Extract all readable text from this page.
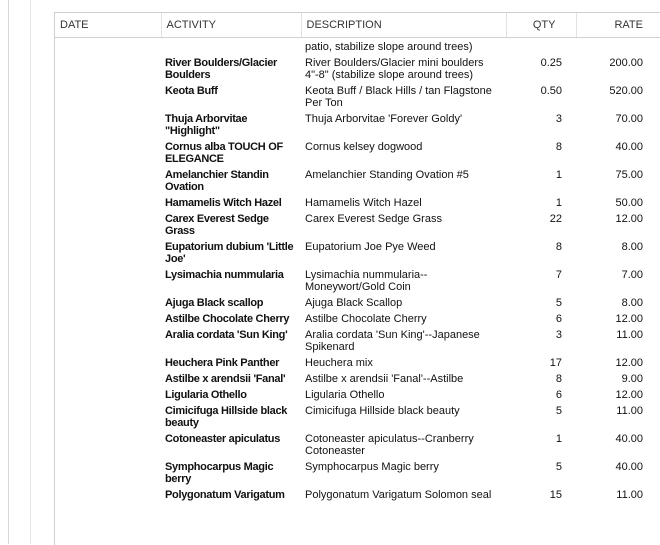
DATE	ACTIVITY	DESCRIPTION	QTY	RATE
		patio, stabilize slope around trees)		
	River Boulders/Glacier Boulders	River Boulders/Glacier mini boulders 4"-8" (stabilize slope around trees)	0.25	200.00
	Keota Buff	Keota Buff / Black Hills / tan Flagstone Per Ton	0.50	520.00
	Thuja Arborvitae "Highlight"	Thuja Arborvitae 'Forever Goldy'	3	70.00
	Cornus alba TOUCH OF ELEGANCE	Cornus kelsey dogwood	8	40.00
	Amelanchier Standin Ovation	Amelanchier Standing Ovation #5	1	75.00
	Hamamelis Witch Hazel	Hamamelis Witch Hazel	1	50.00
	Carex Everest Sedge Grass	Carex Everest Sedge Grass	22	12.00
	Eupatorium dubium 'Little Joe'	Eupatorium Joe Pye Weed	8	8.00
	Lysimachia nummularia	Lysimachia nummularia--Moneywort/Gold Coin	7	7.00
	Ajuga Black scallop	Ajuga Black Scallop	5	8.00
	Astilbe Chocolate Cherry	Astilbe Chocolate Cherry	6	12.00
	Aralia cordata 'Sun King'	Aralia cordata 'Sun King'--Japanese Spikenard	3	11.00
	Heuchera Pink Panther	Heuchera mix	17	12.00
	Astilbe x arendsii 'Fanal'	Astilbe x arendsii 'Fanal'--Astilbe	8	9.00
	Ligularia Othello	Ligularia Othello	6	12.00
	Cimicifuga Hillside black beauty	Cimicifuga Hillside black beauty	5	11.00
	Cotoneaster apiculatus	Cotoneaster apiculatus--Cranberry Cotoneaster	1	40.00
	Symphocarpus Magic berry	Symphocarpus Magic berry	5	40.00
	Polygonatum Varigatum	Polygonatum Varigatum Solomon seal	15	11.00
